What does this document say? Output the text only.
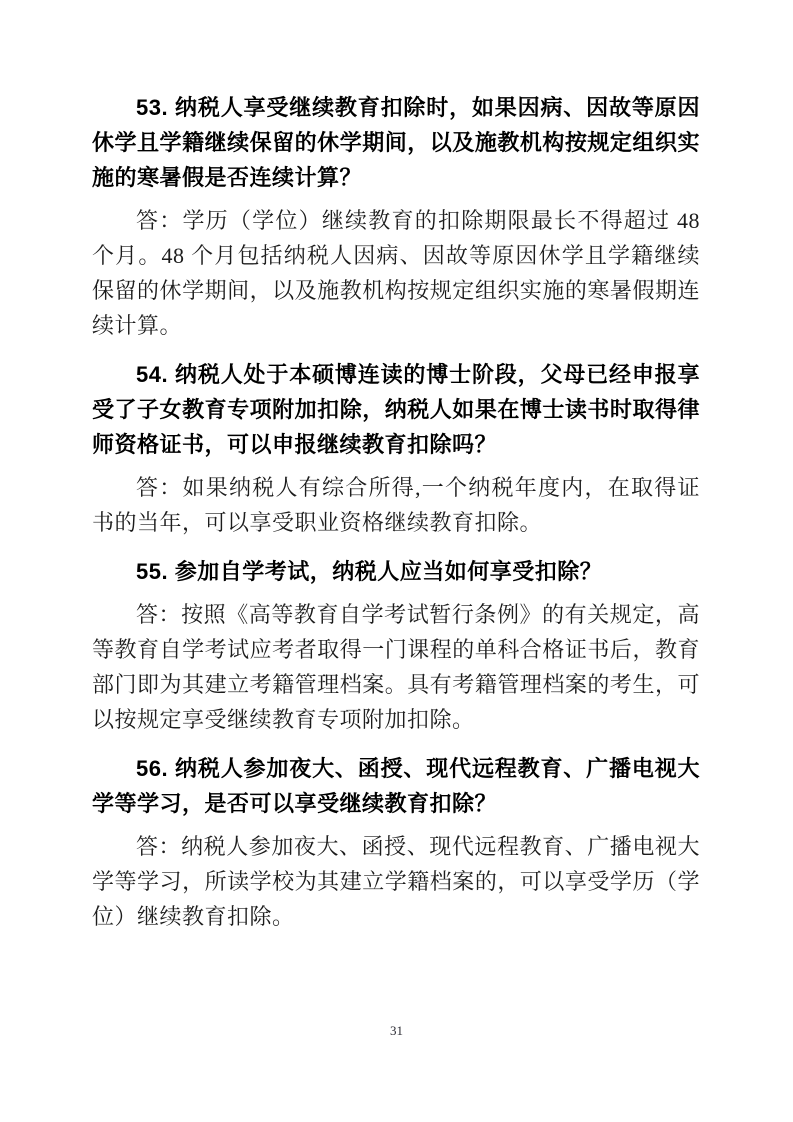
53. 纳税人享受继续教育扣除时，如果因病、因故等原因休学且学籍继续保留的休学期间，以及施教机构按规定组织实施的寒暑假是否连续计算？

答：学历（学位）继续教育的扣除期限最长不得超过 48 个月。48 个月包括纳税人因病、因故等原因休学且学籍继续保留的休学期间，以及施教机构按规定组织实施的寒暑假期连续计算。

54. 纳税人处于本硕博连读的博士阶段，父母已经申报享受了子女教育专项附加扣除，纳税人如果在博士读书时取得律师资格证书，可以申报继续教育扣除吗？

答：如果纳税人有综合所得,一个纳税年度内，在取得证书的当年，可以享受职业资格继续教育扣除。

55. 参加自学考试，纳税人应当如何享受扣除？

答：按照《高等教育自学考试暂行条例》的有关规定，高等教育自学考试应考者取得一门课程的单科合格证书后，教育部门即为其建立考籍管理档案。具有考籍管理档案的考生，可以按规定享受继续教育专项附加扣除。

56. 纳税人参加夜大、函授、现代远程教育、广播电视大学等学习，是否可以享受继续教育扣除？

答：纳税人参加夜大、函授、现代远程教育、广播电视大学等学习，所读学校为其建立学籍档案的，可以享受学历（学位）继续教育扣除。

31
